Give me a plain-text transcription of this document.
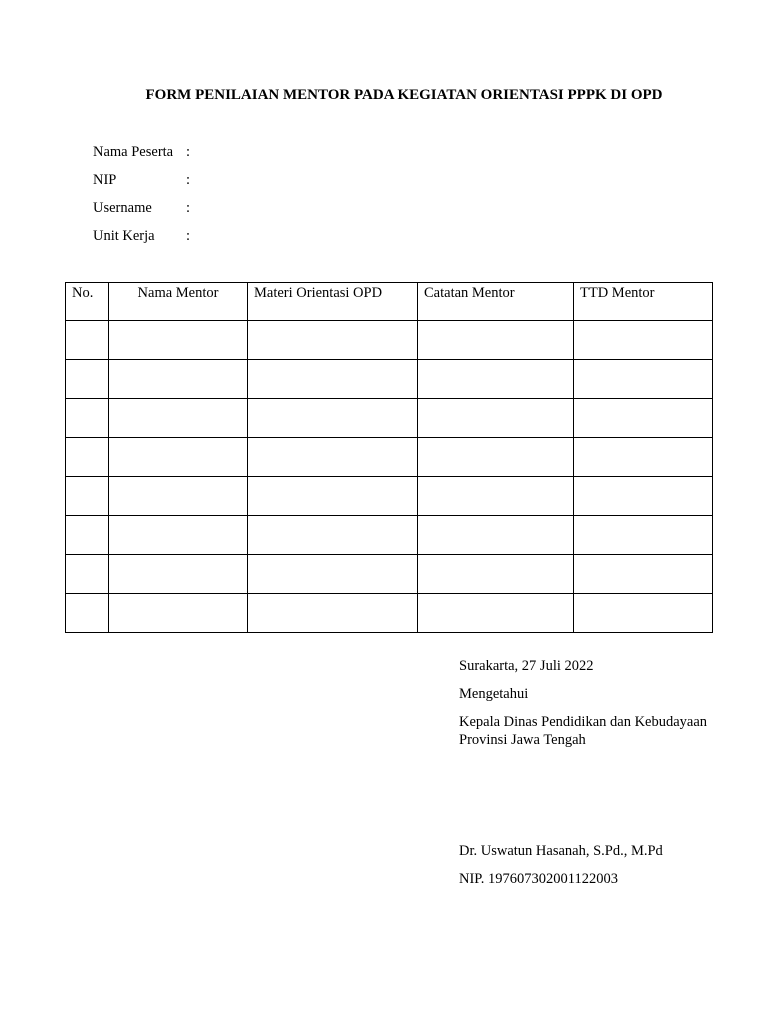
FORM PENILAIAN MENTOR PADA KEGIATAN ORIENTASI PPPK DI OPD
Nama Peserta :
NIP	:
Username :
Unit Kerja :
No.	Nama Mentor	Materi Orientasi OPD	Catatan Mentor	TTD Mentor

Surakarta, 27 Juli 2022
Mengetahui
Kepala Dinas Pendidikan dan Kebudayaan
Provinsi Jawa Tengah
Dr. Uswatun Hasanah, S.Pd., M.Pd
NIP. 197607302001122003
